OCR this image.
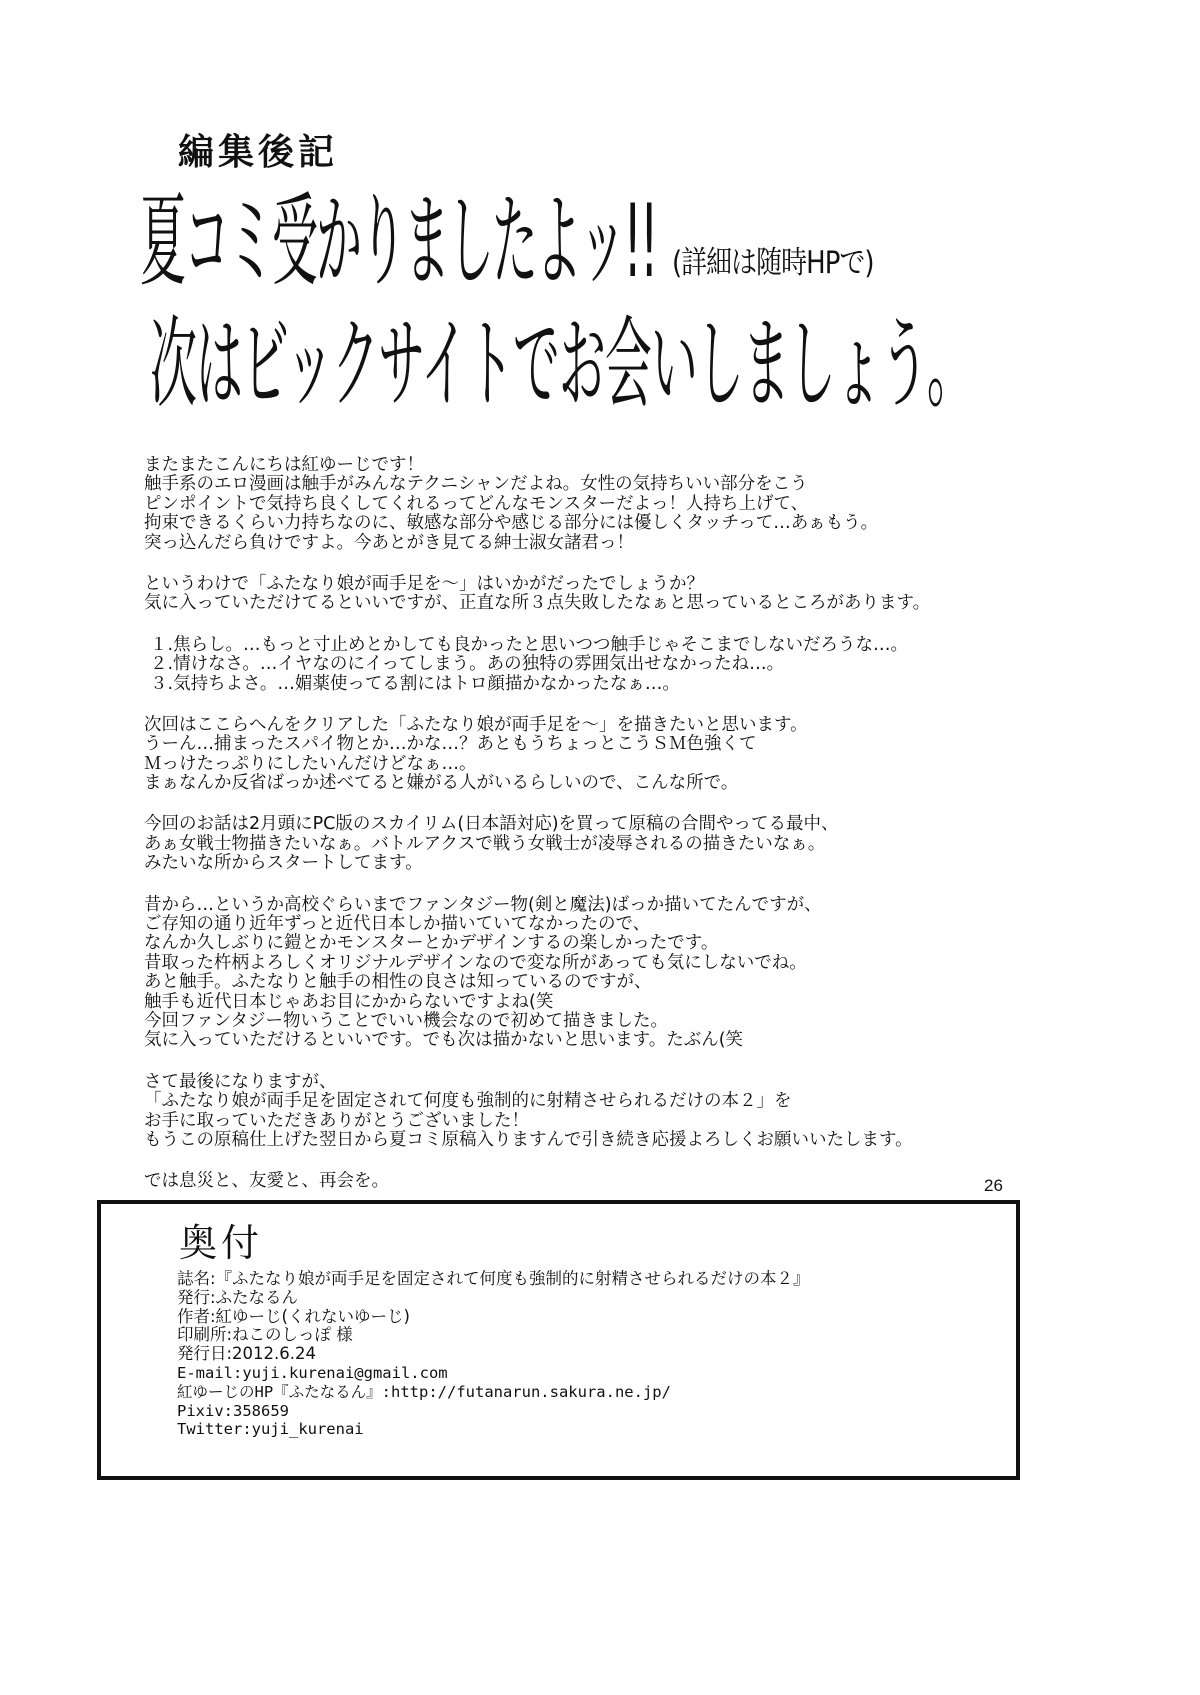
編集後記
夏コミ受かりましたよッ!! (詳細は随時HPで)
次はビックサイトでお会いしましょう。
またまたこんにちは紅ゆーじです！
触手系のエロ漫画は触手がみんなテクニシャンだよね。女性の気持ちいい部分をこう
ピンポイントで気持ち良くしてくれるってどんなモンスターだよっ！人持ち上げて、
拘束できるくらい力持ちなのに、敏感な部分や感じる部分には優しくタッチって…あぁもう。
突っ込んだら負けですよ。今あとがき見てる紳士淑女諸君っ！
というわけで「ふたなり娘が両手足を～」はいかがだったでしょうか？
気に入っていただけてるといいですが、正直な所３点失敗したなぁと思っているところがあります。
１.焦らし。…もっと寸止めとかしても良かったと思いつつ触手じゃそこまでしないだろうな…。
２.情けなさ。…イヤなのにイってしまう。あの独特の雰囲気出せなかったね…。
３.気持ちよさ。…媚薬使ってる割にはトロ顔描かなかったなぁ…。
次回はここらへんをクリアした「ふたなり娘が両手足を～」を描きたいと思います。
うーん…捕まったスパイ物とか…かな…？あともうちょっとこうＳＭ色強くて
Ｍっけたっぷりにしたいんだけどなぁ…。
まぁなんか反省ばっか述べてると嫌がる人がいるらしいので、こんな所で。
今回のお話は2月頭にPC版のスカイリム(日本語対応)を買って原稿の合間やってる最中、
あぁ女戦士物描きたいなぁ。バトルアクスで戦う女戦士が凌辱されるの描きたいなぁ。
みたいな所からスタートしてます。
昔から…というか高校ぐらいまでファンタジー物(剣と魔法)ばっか描いてたんですが、
ご存知の通り近年ずっと近代日本しか描いていてなかったので、
なんか久しぶりに鎧とかモンスターとかデザインするの楽しかったです。
昔取った杵柄よろしくオリジナルデザインなので変な所があっても気にしないでね。
あと触手。ふたなりと触手の相性の良さは知っているのですが、
触手も近代日本じゃあお目にかからないですよね(笑
今回ファンタジー物いうことでいい機会なので初めて描きました。
気に入っていただけるといいです。でも次は描かないと思います。たぶん(笑
さて最後になりますが、
「ふたなり娘が両手足を固定されて何度も強制的に射精させられるだけの本２」を
お手に取っていただきありがとうございました！
もうこの原稿仕上げた翌日から夏コミ原稿入りますんで引き続き応援よろしくお願いいたします。
では息災と、友愛と、再会を。	26
奥付
誌名:『ふたなり娘が両手足を固定されて何度も強制的に射精させられるだけの本２』
発行:ふたなるん
作者:紅ゆーじ(くれないゆーじ)
印刷所:ねこのしっぽ 様
発行日:2012.6.24
E-mail:yuji.kurenai@gmail.com
紅ゆーじのHP『ふたなるん』:http://futanarun.sakura.ne.jp/
Pixiv:358659
Twitter:yuji_kurenai
